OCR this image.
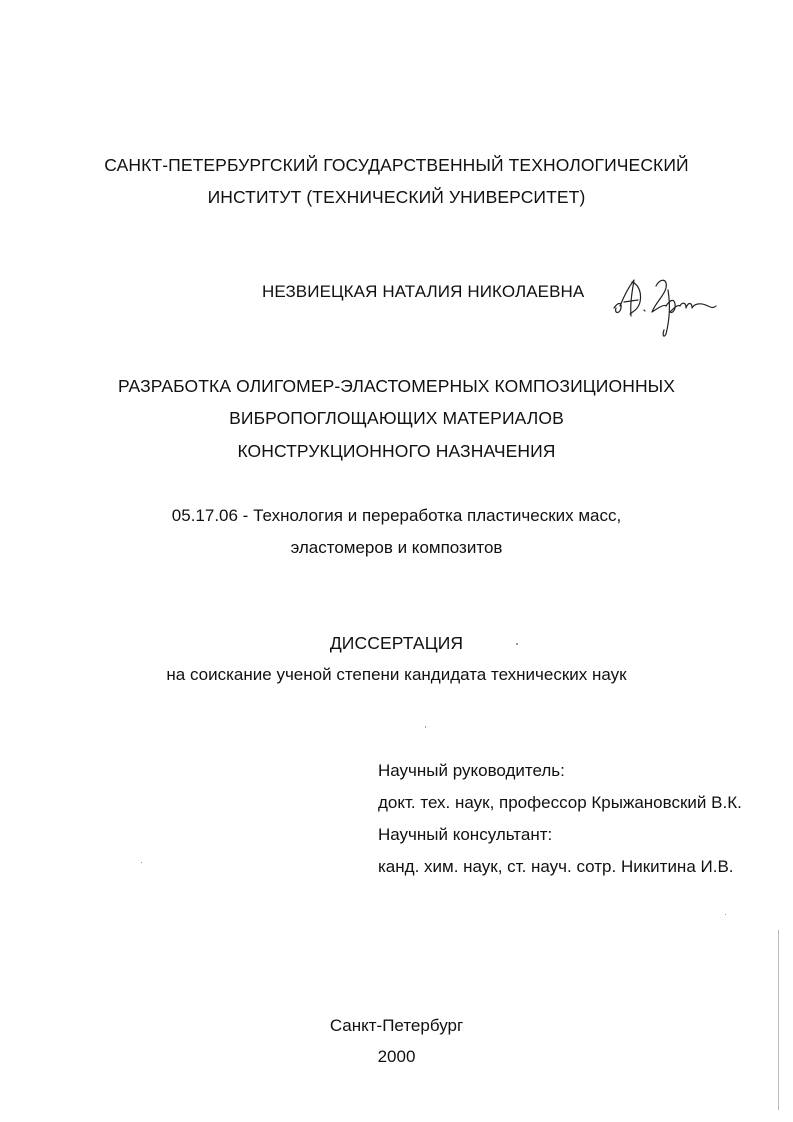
САНКТ-ПЕТЕРБУРГСКИЙ ГОСУДАРСТВЕННЫЙ ТЕХНОЛОГИЧЕСКИЙ
ИНСТИТУТ (ТЕХНИЧЕСКИЙ УНИВЕРСИТЕТ)
НЕЗВИЕЦКАЯ НАТАЛИЯ НИКОЛАЕВНА
РАЗРАБОТКА ОЛИГОМЕР-ЭЛАСТОМЕРНЫХ КОМПОЗИЦИОННЫХ
ВИБРОПОГЛОЩАЮЩИХ МАТЕРИАЛОВ
КОНСТРУКЦИОННОГО НАЗНАЧЕНИЯ
05.17.06 - Технология и переработка пластических масс,
эластомеров и композитов
ДИССЕРТАЦИЯ
на соискание ученой степени кандидата технических наук
Научный руководитель:
докт. тех. наук, профессор Крыжановский В.К.
Научный консультант:
канд. хим. наук, ст. науч. сотр. Никитина И.В.
Санкт-Петербург
2000
